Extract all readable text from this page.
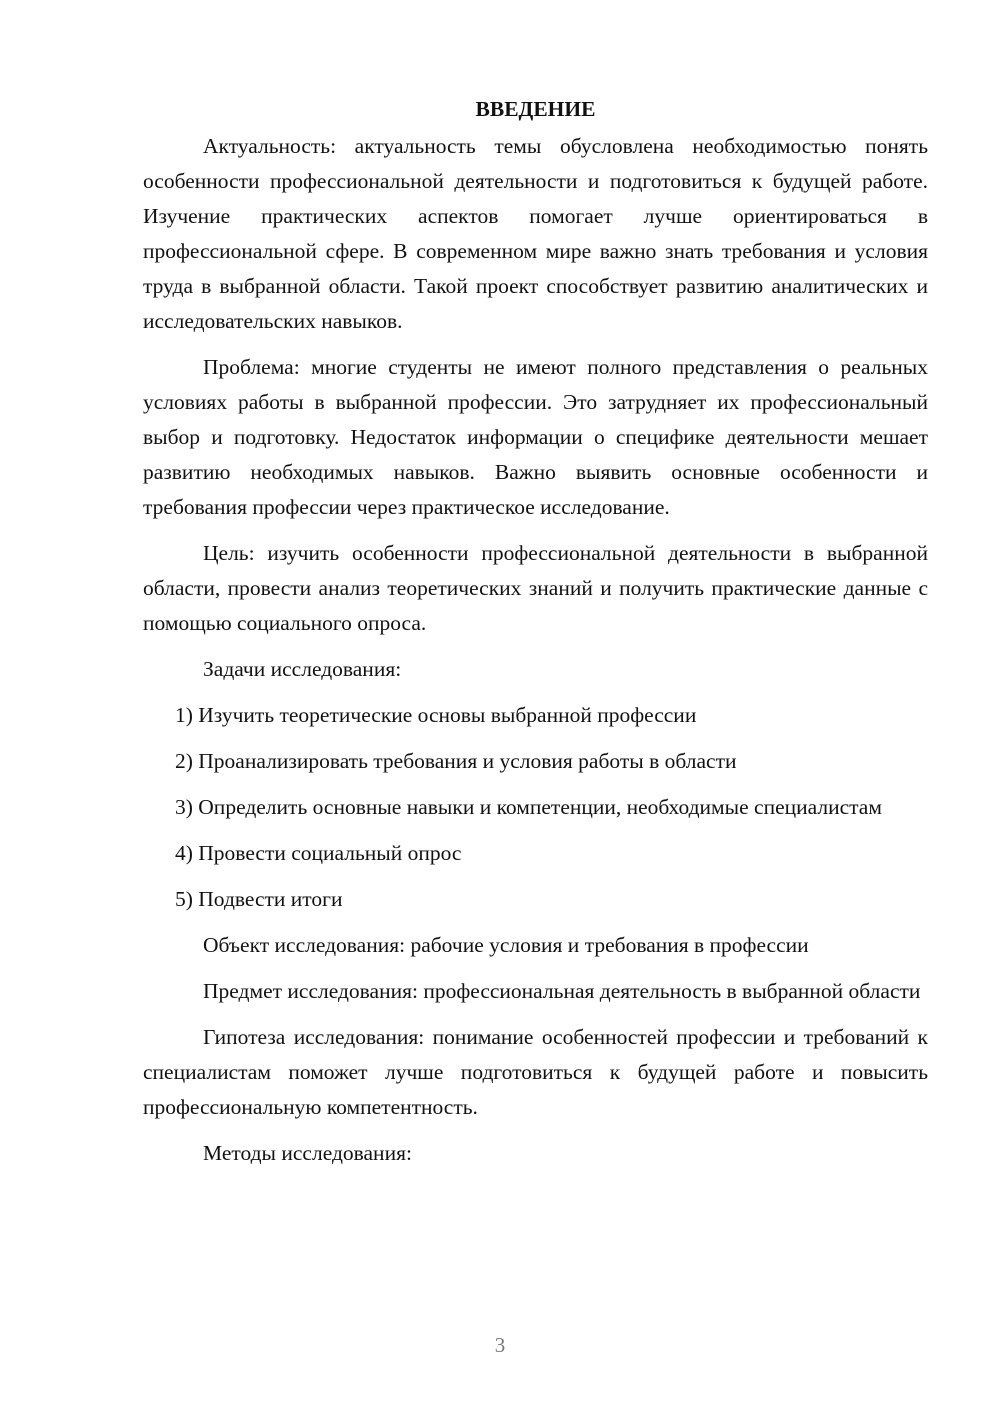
ВВЕДЕНИЕ

Актуальность: актуальность темы обусловлена необходимостью понять особенности профессиональной деятельности и подготовиться к будущей работе. Изучение практических аспектов помогает лучше ориентироваться в профессиональной сфере. В современном мире важно знать требования и условия труда в выбранной области. Такой проект способствует развитию аналитических и исследовательских навыков.

Проблема: многие студенты не имеют полного представления о реальных условиях работы в выбранной профессии. Это затрудняет их профессиональный выбор и подготовку. Недостаток информации о специфике деятельности мешает развитию необходимых навыков. Важно выявить основные особенности и требования профессии через практическое исследование.

Цель: изучить особенности профессиональной деятельности в выбранной области, провести анализ теоретических знаний и получить практические данные с помощью социального опроса.

Задачи исследования:

1) Изучить теоретические основы выбранной профессии

2) Проанализировать требования и условия работы в области

3) Определить основные навыки и компетенции, необходимые специалистам

4) Провести социальный опрос

5) Подвести итоги

Объект исследования: рабочие условия и требования в профессии

Предмет исследования: профессиональная деятельность в выбранной области

Гипотеза исследования: понимание особенностей профессии и требований к специалистам поможет лучше подготовиться к будущей работе и повысить профессиональную компетентность.

Методы исследования:

3
